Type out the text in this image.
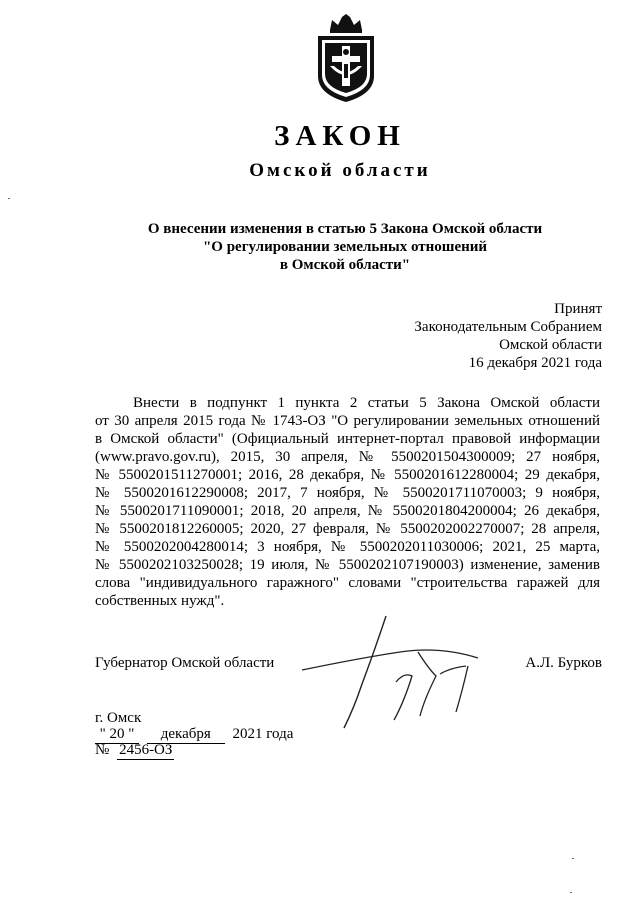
ЗАКОН
Омской области
О внесении изменения в статью 5 Закона Омской области
"О регулировании земельных отношений
в Омской области"
Принят
Законодательным Собранием
Омской области
16 декабря 2021 года
Внести в подпункт 1 пункта 2 статьи 5 Закона Омской области
от 30 апреля 2015 года № 1743-ОЗ "О регулировании земельных отношений
в Омской области" (Официальный интернет-портал правовой информации
(www.pravo.gov.ru), 2015, 30 апреля, № 5500201504300009; 27 ноября,
№ 5500201511270001; 2016, 28 декабря, № 5500201612280004; 29 декабря,
№ 5500201612290008; 2017, 7 ноября, № 5500201711070003; 9 ноября,
№ 5500201711090001; 2018, 20 апреля, № 5500201804200004; 26 декабря,
№ 5500201812260005; 2020, 27 февраля, № 5500202002270007; 28 апреля,
№ 5500202004280014; 3 ноября, № 5500202011030006; 2021, 25 марта,
№ 5500202103250028; 19 июля, № 5500202107190003) изменение, заменив
слова "индивидуального гаражного" словами "строительства гаражей для
собственных нужд".
Губернатор Омской области	А.Л. Бурков
г. Омск
" 20 " декабря 2021 года
№ 2456-ОЗ
